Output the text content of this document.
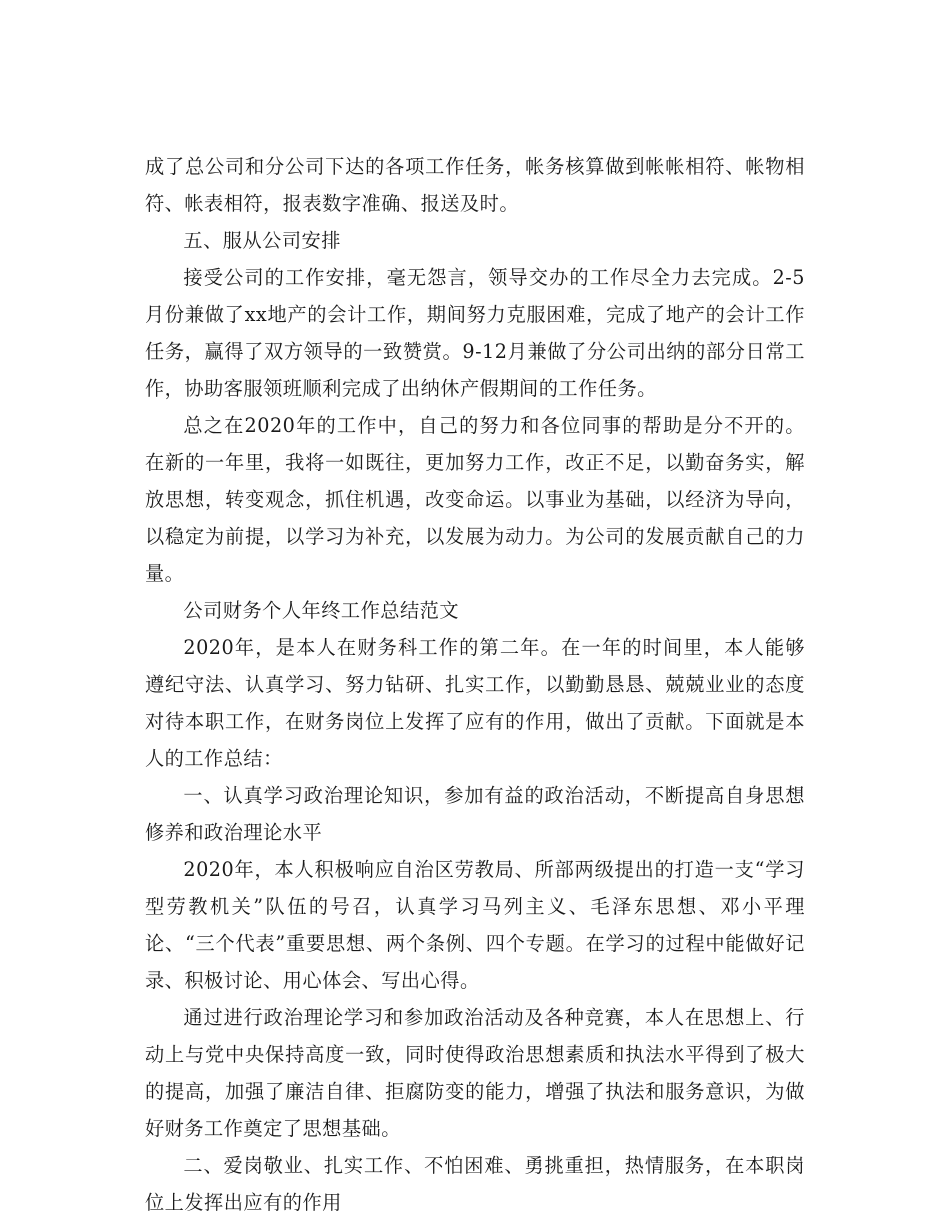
成了总公司和分公司下达的各项工作任务，帐务核算做到帐帐相符、帐物相符、帐表相符，报表数字准确、报送及时。

五、服从公司安排

接受公司的工作安排，毫无怨言，领导交办的工作尽全力去完成。2-5月份兼做了xx地产的会计工作，期间努力克服困难，完成了地产的会计工作任务，赢得了双方领导的一致赞赏。9-12月兼做了分公司出纳的部分日常工作，协助客服领班顺利完成了出纳休产假期间的工作任务。

总之在2020年的工作中，自己的努力和各位同事的帮助是分不开的。在新的一年里，我将一如既往，更加努力工作，改正不足，以勤奋务实，解放思想，转变观念，抓住机遇，改变命运。以事业为基础，以经济为导向，以稳定为前提，以学习为补充，以发展为动力。为公司的发展贡献自己的力量。

公司财务个人年终工作总结范文

2020年，是本人在财务科工作的第二年。在一年的时间里，本人能够遵纪守法、认真学习、努力钻研、扎实工作，以勤勤恳恳、兢兢业业的态度对待本职工作，在财务岗位上发挥了应有的作用，做出了贡献。下面就是本人的工作总结：

一、认真学习政治理论知识，参加有益的政治活动，不断提高自身思想修养和政治理论水平

2020年，本人积极响应自治区劳教局、所部两级提出的打造一支“学习型劳教机关”队伍的号召，认真学习马列主义、毛泽东思想、邓小平理论、“三个代表”重要思想、两个条例、四个专题。在学习的过程中能做好记录、积极讨论、用心体会、写出心得。

通过进行政治理论学习和参加政治活动及各种竞赛，本人在思想上、行动上与党中央保持高度一致，同时使得政治思想素质和执法水平得到了极大的提高，加强了廉洁自律、拒腐防变的能力，增强了执法和服务意识，为做好财务工作奠定了思想基础。

二、爱岗敬业、扎实工作、不怕困难、勇挑重担，热情服务，在本职岗位上发挥出应有的作用
